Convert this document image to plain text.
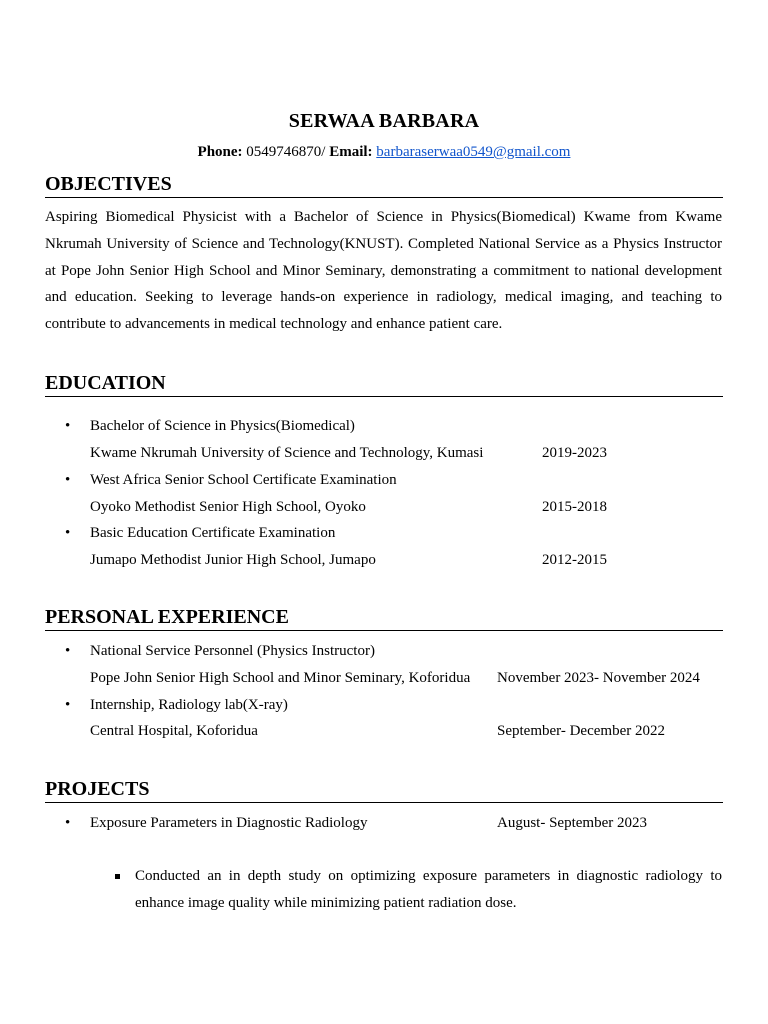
SERWAA BARBARA
Phone: 0549746870/ Email: barbaraserwaa0549@gmail.com
OBJECTIVES
Aspiring Biomedical Physicist with a Bachelor of Science in Physics(Biomedical) Kwame from Kwame Nkrumah University of Science and Technology(KNUST). Completed National Service as a Physics Instructor at Pope John Senior High School and Minor Seminary, demonstrating a commitment to national development and education. Seeking to leverage hands-on experience in radiology, medical imaging, and teaching to contribute to advancements in medical technology and enhance patient care.
EDUCATION
• Bachelor of Science in Physics(Biomedical)
Kwame Nkrumah University of Science and Technology, Kumasi	2019-2023
• West Africa Senior School Certificate Examination
Oyoko Methodist Senior High School, Oyoko	2015-2018
• Basic Education Certificate Examination
Jumapo Methodist Junior High School, Jumapo	2012-2015
PERSONAL EXPERIENCE
• National Service Personnel (Physics Instructor)
Pope John Senior High School and Minor Seminary, Koforidua November 2023- November 2024
• Internship, Radiology lab(X-ray)
Central Hospital, Koforidua	September- December 2022
PROJECTS
• Exposure Parameters in Diagnostic Radiology	August- September 2023
Conducted an in depth study on optimizing exposure parameters in diagnostic radiology to enhance image quality while minimizing patient radiation dose.
